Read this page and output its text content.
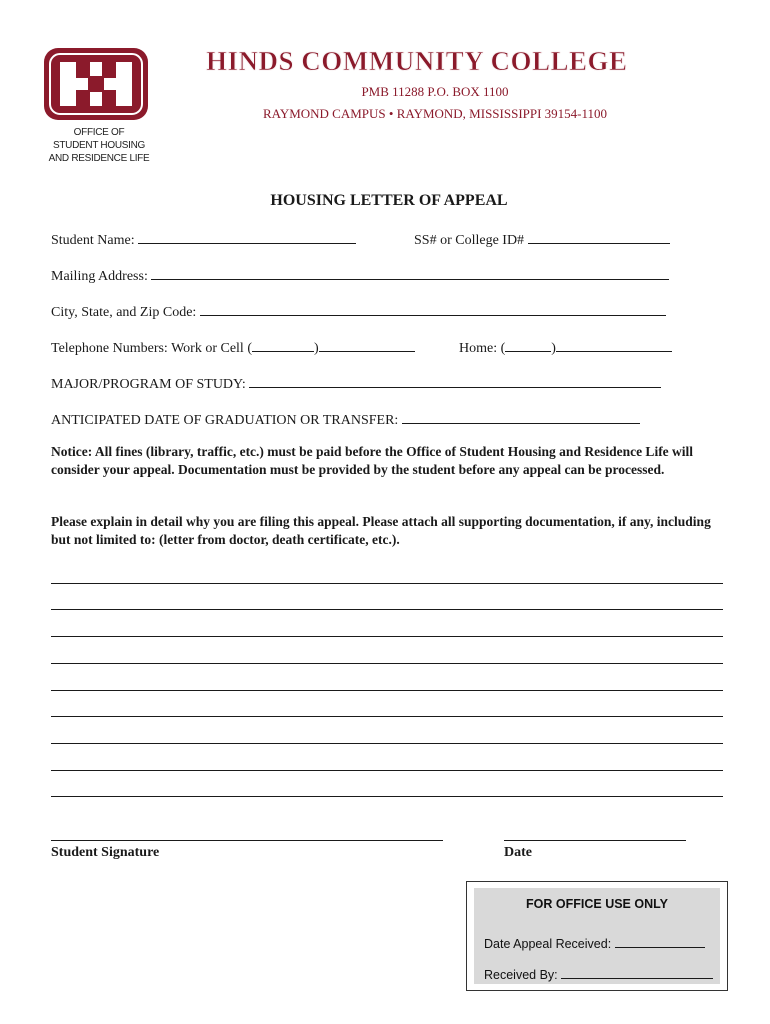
OFFICE OF
STUDENT HOUSING
AND RESIDENCE LIFE
HINDS COMMUNITY COLLEGE
PMB 11288 P.O. BOX 1100
RAYMOND CAMPUS • RAYMOND, MISSISSIPPI 39154-1100
HOUSING LETTER OF APPEAL
Student Name:	SS# or College ID#
Mailing Address:
City, State, and Zip Code:
Telephone Numbers: Work or Cell (	)	Home: (	)
MAJOR/PROGRAM OF STUDY:
ANTICIPATED DATE OF GRADUATION OR TRANSFER:
Notice: All fines (library, traffic, etc.) must be paid before the Office of Student Housing and Residence Life will consider your appeal. Documentation must be provided by the student before any appeal can be processed.
Please explain in detail why you are filing this appeal. Please attach all supporting documentation, if any, including but not limited to: (letter from doctor, death certificate, etc.).
Student Signature	Date
FOR OFFICE USE ONLY
Date Appeal Received:
Received By:
